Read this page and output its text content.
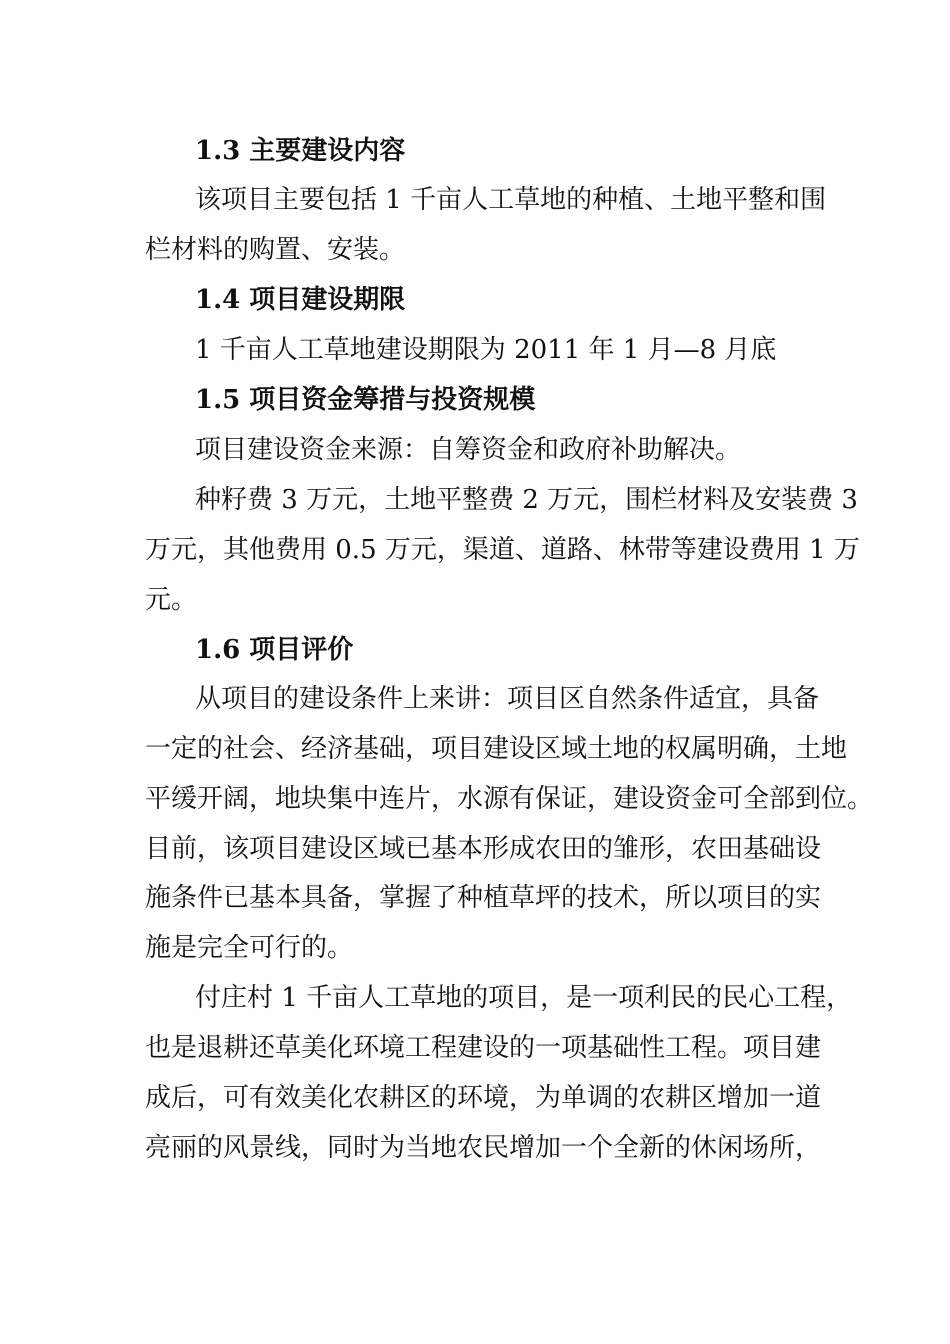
1.3 主要建设内容
该项目主要包括 1 千亩人工草地的种植、土地平整和围
栏材料的购置、安装。
1.4 项目建设期限
1 千亩人工草地建设期限为 2011 年 1 月—8 月底
1.5 项目资金筹措与投资规模
项目建设资金来源：自筹资金和政府补助解决。
种籽费 3 万元，土地平整费 2 万元，围栏材料及安装费 3
万元，其他费用 0.5 万元，渠道、道路、林带等建设费用 1 万
元。
1.6 项目评价
从项目的建设条件上来讲：项目区自然条件适宜，具备
一定的社会、经济基础，项目建设区域土地的权属明确，土地
平缓开阔，地块集中连片，水源有保证，建设资金可全部到位。
目前，该项目建设区域已基本形成农田的雏形，农田基础设
施条件已基本具备，掌握了种植草坪的技术，所以项目的实
施是完全可行的。
付庄村 1 千亩人工草地的项目，是一项利民的民心工程，
也是退耕还草美化环境工程建设的一项基础性工程。项目建
成后，可有效美化农耕区的环境，为单调的农耕区增加一道
亮丽的风景线，同时为当地农民增加一个全新的休闲场所，
